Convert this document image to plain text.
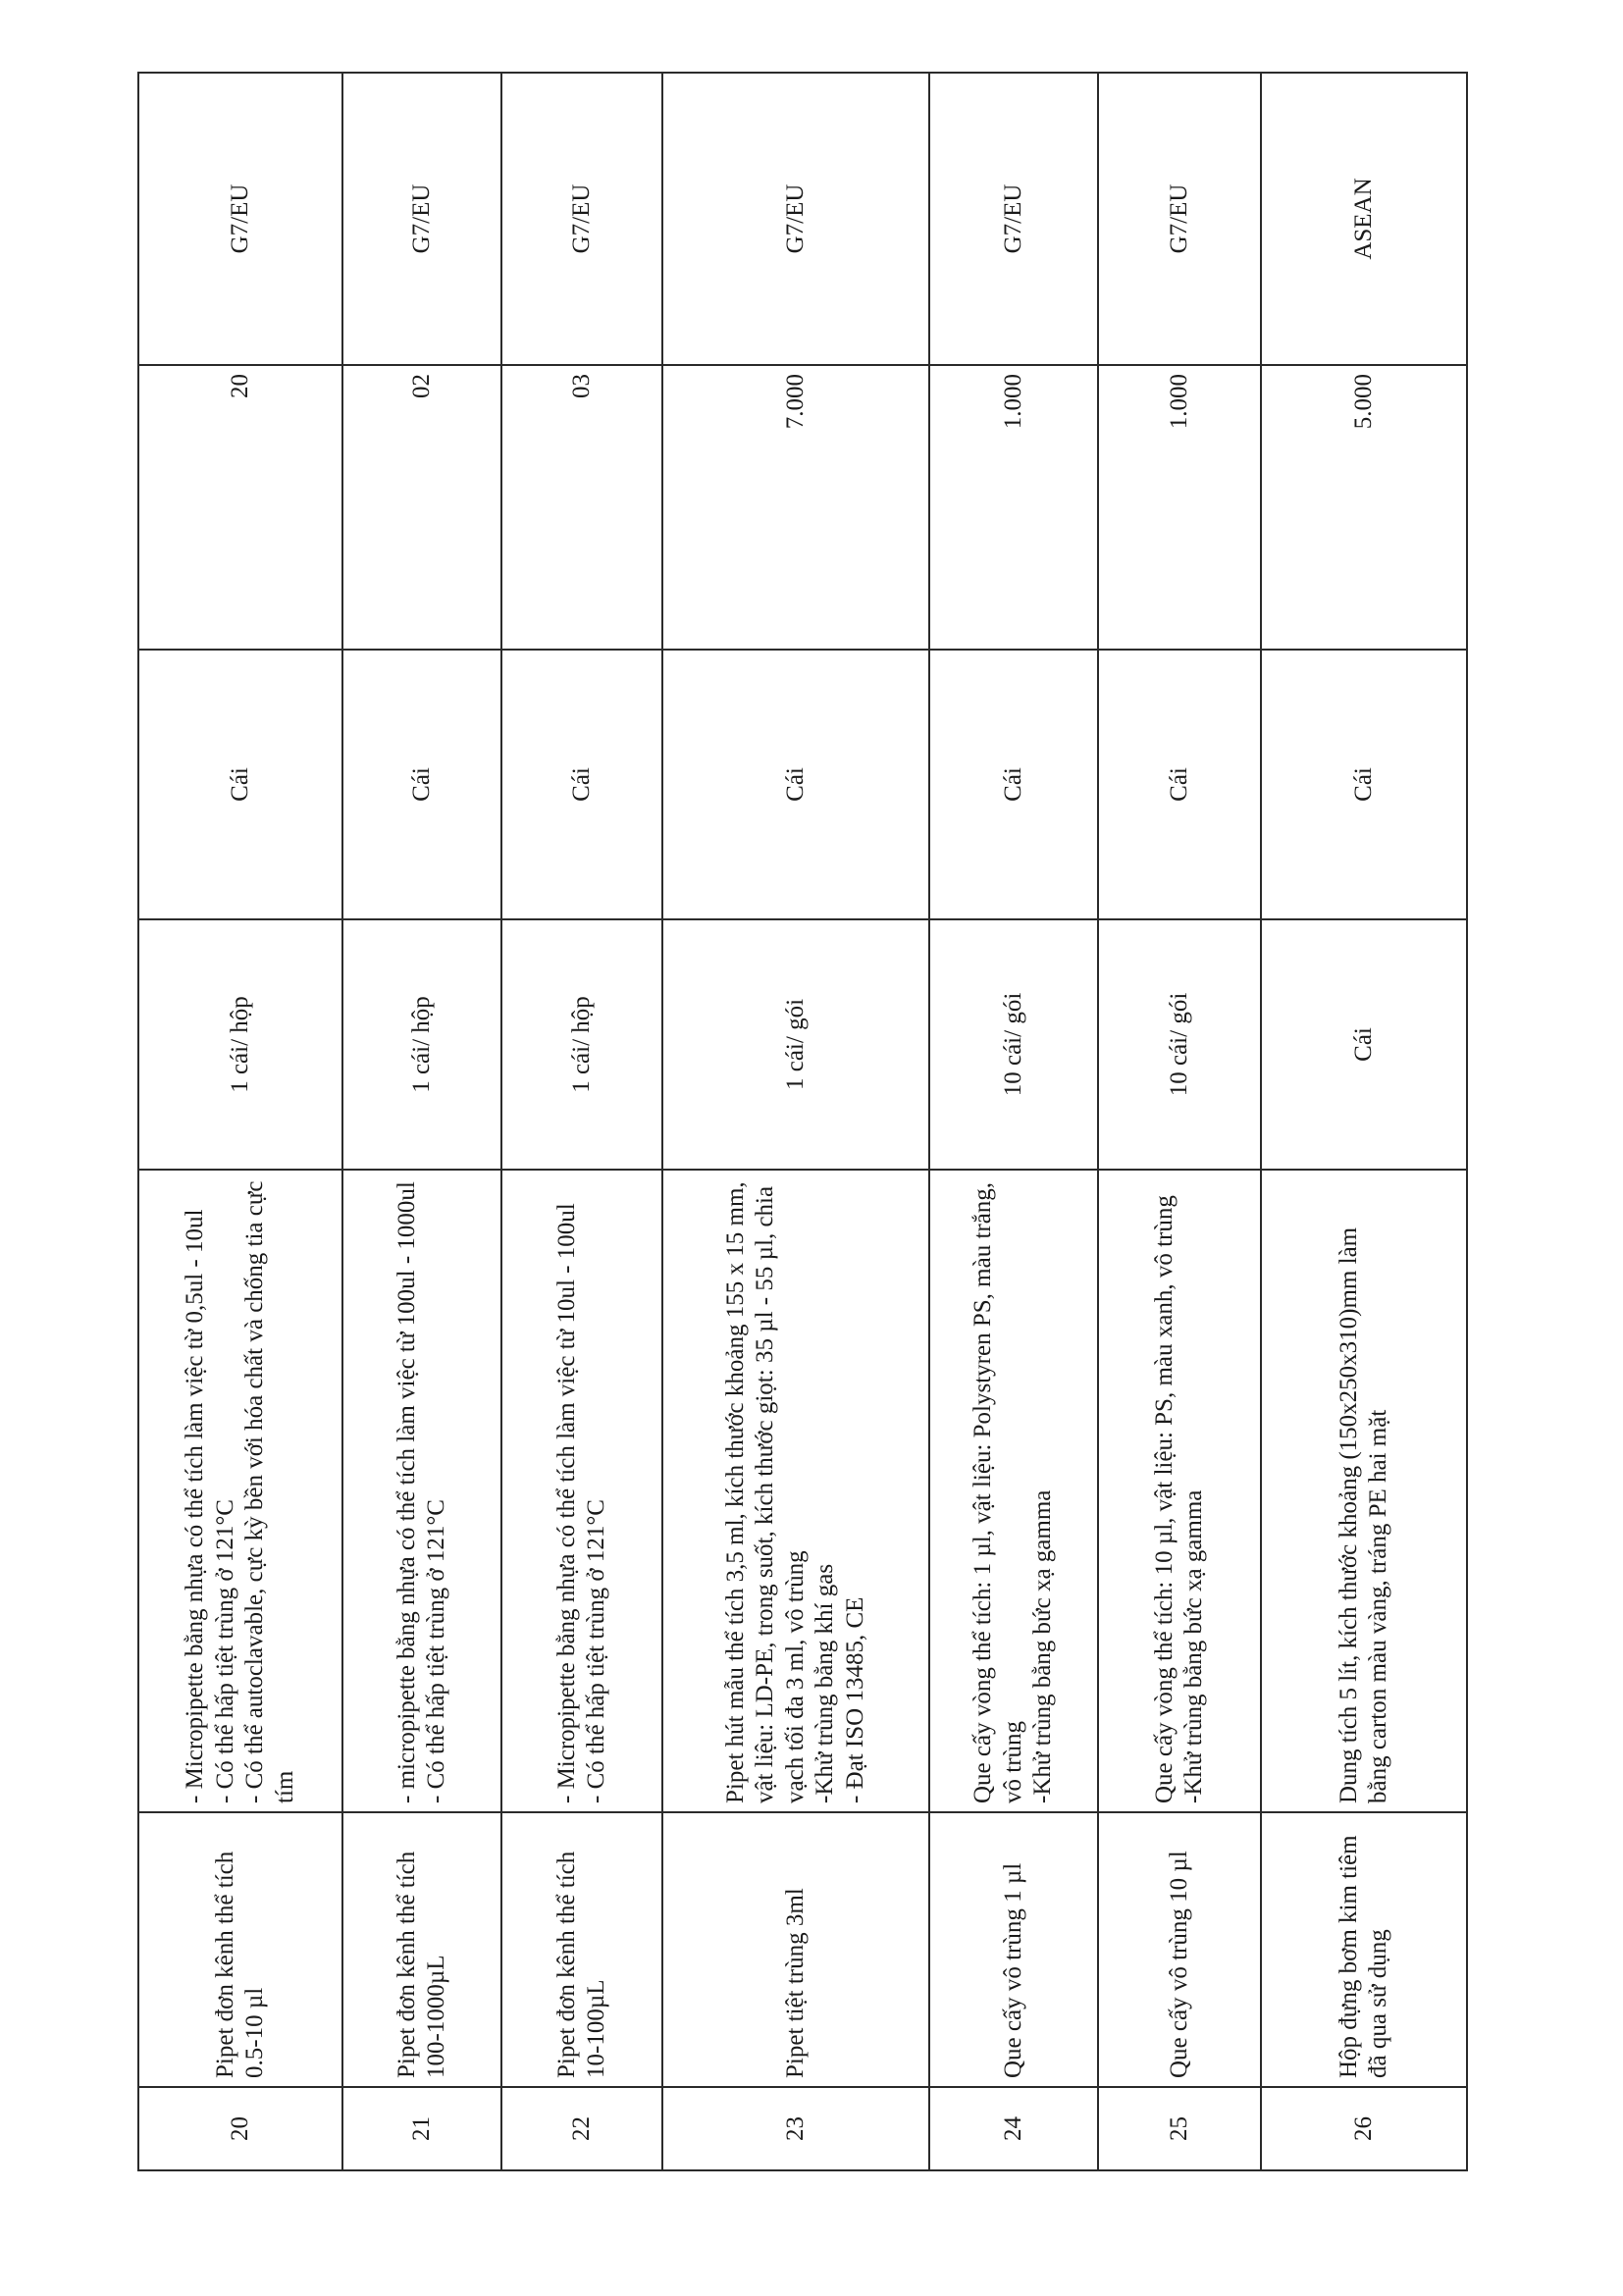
20	Pipet đơn kênh thể tích 0.5-10 µl	- Micropipette bằng nhựa có thể tích làm việc từ 0,5ul - 10ul - Có thể hấp tiệt trùng ở 121°C - Có thể autoclavable, cực kỳ bền với hóa chất và chống tia cực tím	1 cái/ hộp	Cái	20	G7/EU
21	Pipet đơn kênh thể tích 100-1000µL	- micropipette bằng nhựa có thể tích làm việc từ 100ul - 1000ul - Có thể hấp tiệt trùng ở 121°C	1 cái/ hộp	Cái	02	G7/EU
22	Pipet đơn kênh thể tích 10-100µL	- Micropipette bằng nhựa có thể tích làm việc từ 10ul - 100ul - Có thể hấp tiệt trùng ở 121°C	1 cái/ hộp	Cái	03	G7/EU
23	Pipet tiệt trùng 3ml	Pipet hút mẫu thể tích 3,5 ml, kích thước khoảng 155 x 15 mm, vật liệu: LD-PE, trong suốt, kích thước giọt: 35 µl - 55 µl, chia vạch tối đa 3 ml, vô trùng -Khử trùng bằng khí gas - Đạt ISO 13485, CE	1 cái/ gói	Cái	7.000	G7/EU
24	Que cấy vô trùng 1 µl	Que cấy vòng thể tích: 1 µl, vật liệu: Polystyren PS, màu trắng, vô trùng -Khử trùng bằng bức xạ gamma	10 cái/ gói	Cái	1.000	G7/EU
25	Que cấy vô trùng 10 µl	Que cấy vòng thể tích: 10 µl, vật liệu: PS, màu xanh, vô trùng -Khử trùng bằng bức xạ gamma	10 cái/ gói	Cái	1.000	G7/EU
26	Hộp đựng bơm kim tiêm đã qua sử dụng	Dung tích 5 lít, kích thước khoảng (150x250x310)mm làm bằng carton màu vàng, tráng PE hai mặt	Cái	Cái	5.000	ASEAN
